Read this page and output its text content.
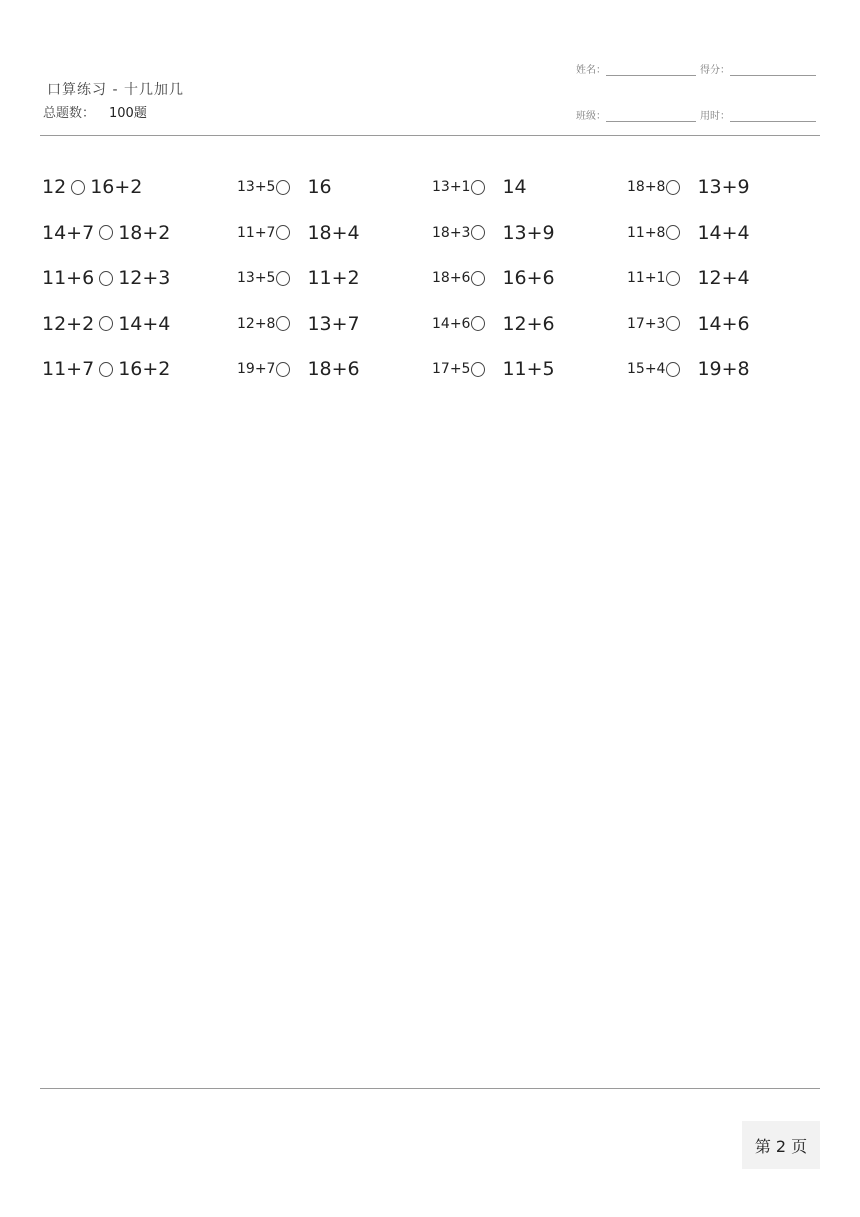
口算练习 - 十几加几
总题数： 100题
姓名：	得分：
班级：	用时：
12 16+2	13+5 16	13+1 14	18+8 13+9
14+7 18+2	11+7 18+4	18+3 13+9	11+8 14+4
11+6 12+3	13+5 11+2	18+6 16+6	11+1 12+4
12+2 14+4	12+8 13+7	14+6 12+6	17+3 14+6
11+7 16+2	19+7 18+6	17+5 11+5	15+4 19+8
第 2 页
